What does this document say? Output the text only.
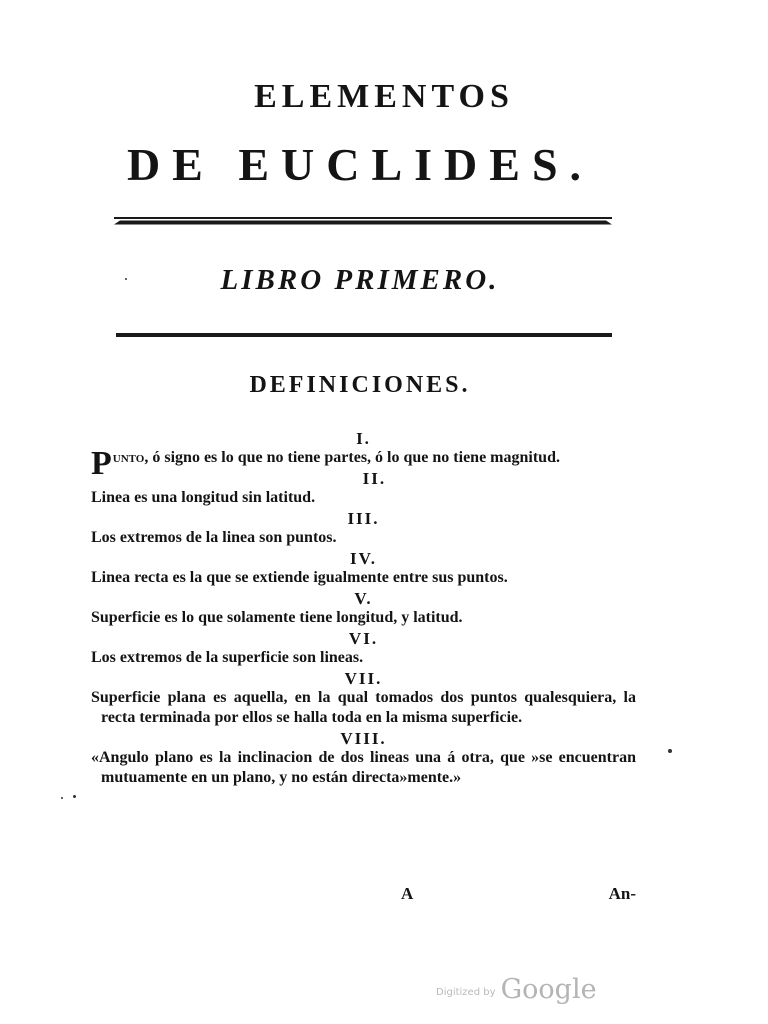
ELEMENTOS
DE EUCLIDES.
LIBRO PRIMERO.
DEFINICIONES.
I.

Punto, ó signo es lo que no tiene partes, ó lo que no tiene magnitud.

II.

Linea es una longitud sin latitud.

III.

Los extremos de la linea son puntos.

IV.

Linea recta es la que se extiende igualmente entre sus puntos.

V.

Superficie es lo que solamente tiene longitud, y latitud.

VI.

Los extremos de la superficie son lineas.

VII.

Superficie plana es aquella, en la qual tomados dos puntos qualesquiera, la recta terminada por ellos se halla toda en la misma superficie.

VIII.

«Angulo plano es la inclinacion de dos lineas una á otra, que »se encuentran mutuamente en un plano, y no están directa»mente.»

A	An-
Digitized by Google
